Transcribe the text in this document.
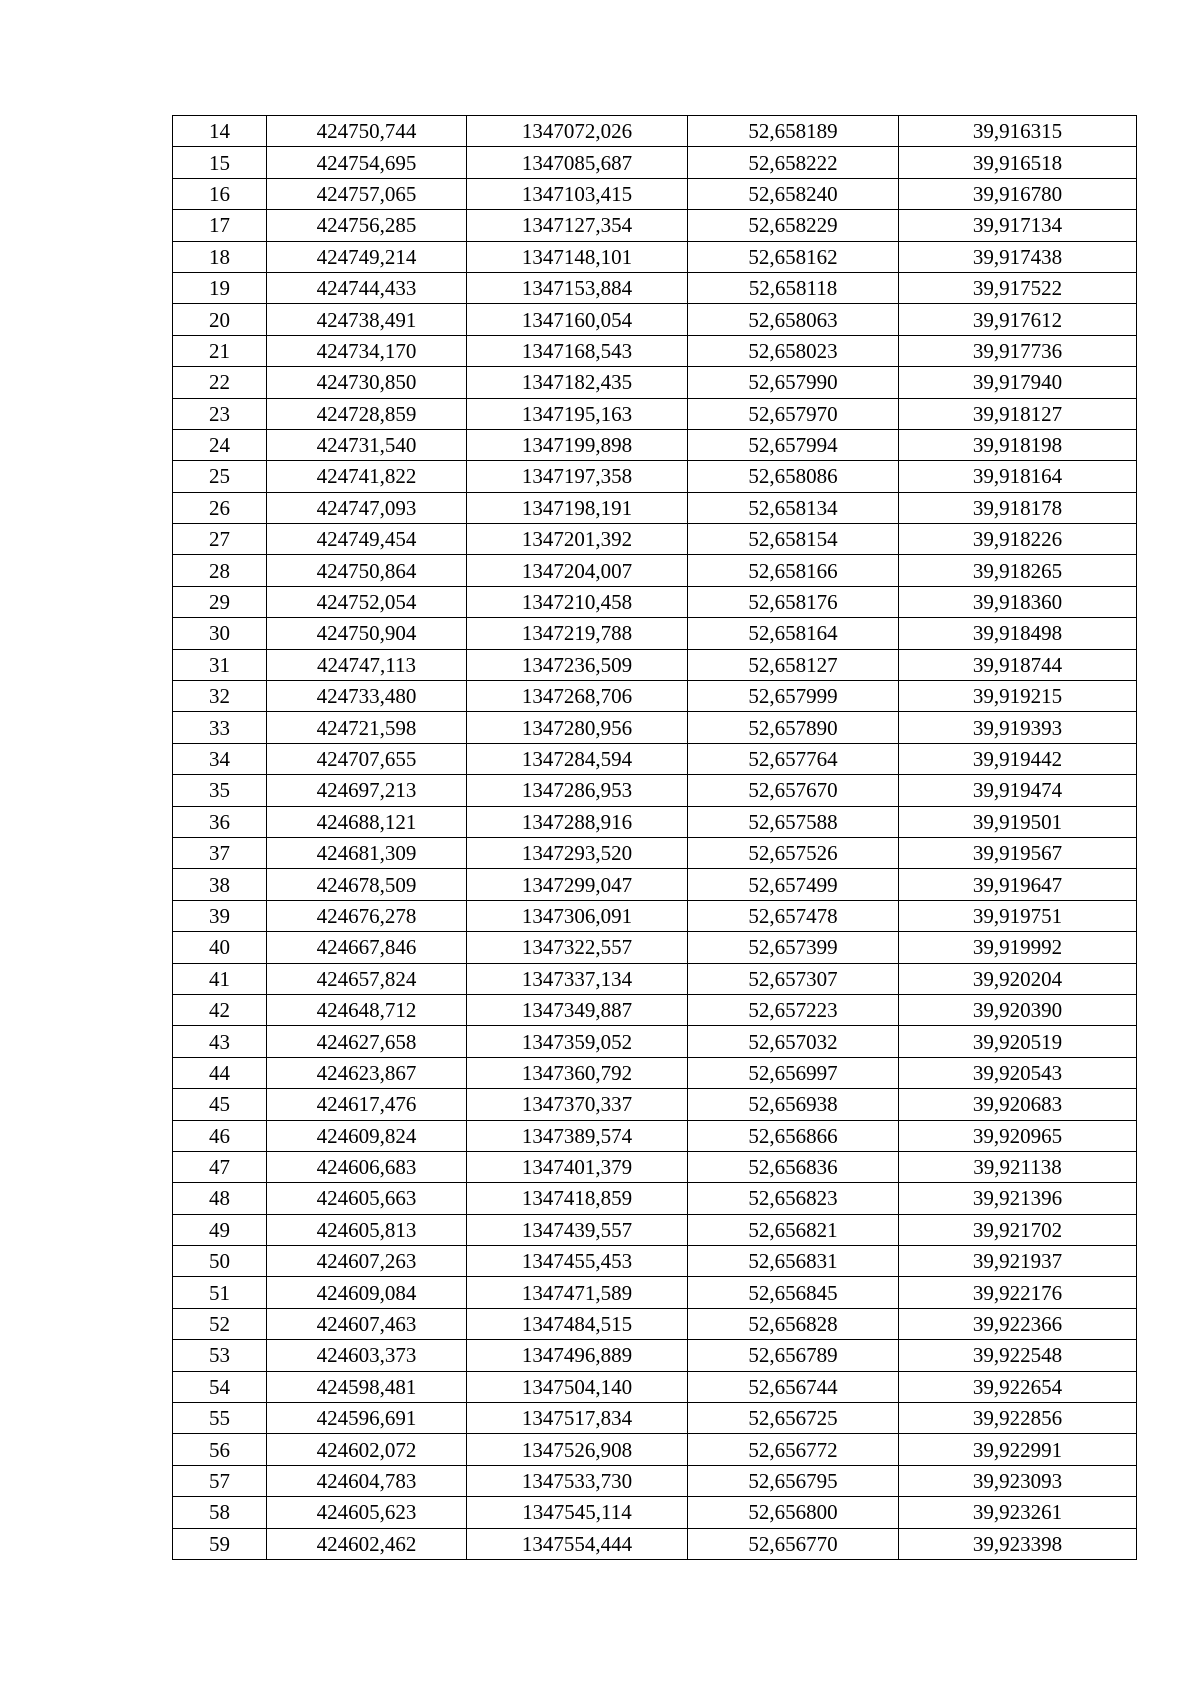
14	424750,744	1347072,026	52,658189	39,916315
15	424754,695	1347085,687	52,658222	39,916518
16	424757,065	1347103,415	52,658240	39,916780
17	424756,285	1347127,354	52,658229	39,917134
18	424749,214	1347148,101	52,658162	39,917438
19	424744,433	1347153,884	52,658118	39,917522
20	424738,491	1347160,054	52,658063	39,917612
21	424734,170	1347168,543	52,658023	39,917736
22	424730,850	1347182,435	52,657990	39,917940
23	424728,859	1347195,163	52,657970	39,918127
24	424731,540	1347199,898	52,657994	39,918198
25	424741,822	1347197,358	52,658086	39,918164
26	424747,093	1347198,191	52,658134	39,918178
27	424749,454	1347201,392	52,658154	39,918226
28	424750,864	1347204,007	52,658166	39,918265
29	424752,054	1347210,458	52,658176	39,918360
30	424750,904	1347219,788	52,658164	39,918498
31	424747,113	1347236,509	52,658127	39,918744
32	424733,480	1347268,706	52,657999	39,919215
33	424721,598	1347280,956	52,657890	39,919393
34	424707,655	1347284,594	52,657764	39,919442
35	424697,213	1347286,953	52,657670	39,919474
36	424688,121	1347288,916	52,657588	39,919501
37	424681,309	1347293,520	52,657526	39,919567
38	424678,509	1347299,047	52,657499	39,919647
39	424676,278	1347306,091	52,657478	39,919751
40	424667,846	1347322,557	52,657399	39,919992
41	424657,824	1347337,134	52,657307	39,920204
42	424648,712	1347349,887	52,657223	39,920390
43	424627,658	1347359,052	52,657032	39,920519
44	424623,867	1347360,792	52,656997	39,920543
45	424617,476	1347370,337	52,656938	39,920683
46	424609,824	1347389,574	52,656866	39,920965
47	424606,683	1347401,379	52,656836	39,921138
48	424605,663	1347418,859	52,656823	39,921396
49	424605,813	1347439,557	52,656821	39,921702
50	424607,263	1347455,453	52,656831	39,921937
51	424609,084	1347471,589	52,656845	39,922176
52	424607,463	1347484,515	52,656828	39,922366
53	424603,373	1347496,889	52,656789	39,922548
54	424598,481	1347504,140	52,656744	39,922654
55	424596,691	1347517,834	52,656725	39,922856
56	424602,072	1347526,908	52,656772	39,922991
57	424604,783	1347533,730	52,656795	39,923093
58	424605,623	1347545,114	52,656800	39,923261
59	424602,462	1347554,444	52,656770	39,923398
